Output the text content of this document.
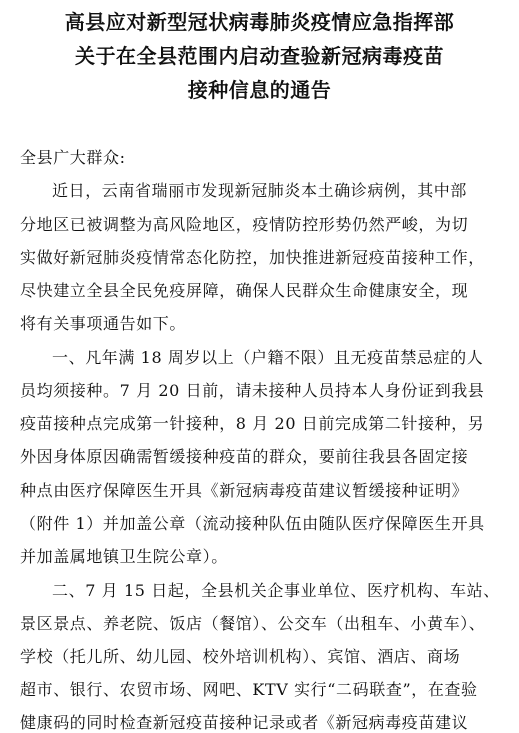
高县应对新型冠状病毒肺炎疫情应急指挥部
关于在全县范围内启动查验新冠病毒疫苗
接种信息的通告
全县广大群众:
近日，云南省瑞丽市发现新冠肺炎本土确诊病例，其中部
分地区已被调整为高风险地区，疫情防控形势仍然严峻，为切
实做好新冠肺炎疫情常态化防控，加快推进新冠疫苗接种工作，
尽快建立全县全民免疫屏障，确保人民群众生命健康安全，现
将有关事项通告如下。
一、凡年满 18 周岁以上（户籍不限）且无疫苗禁忌症的人
员均须接种。7 月 20 日前，请未接种人员持本人身份证到我县
疫苗接种点完成第一针接种，8 月 20 日前完成第二针接种，另
外因身体原因确需暂缓接种疫苗的群众，要前往我县各固定接
种点由医疗保障医生开具《新冠病毒疫苗建议暂缓接种证明》
（附件 1）并加盖公章（流动接种队伍由随队医疗保障医生开具
并加盖属地镇卫生院公章）。
二、7 月 15 日起，全县机关企事业单位、医疗机构、车站、
景区景点、养老院、饭店（餐馆）、公交车（出租车、小黄车）、
学校（托儿所、幼儿园、校外培训机构）、宾馆、酒店、商场
超市、银行、农贸市场、网吧、KTV 实行“二码联查”，在查验
健康码的同时检查新冠疫苗接种记录或者《新冠病毒疫苗建议
